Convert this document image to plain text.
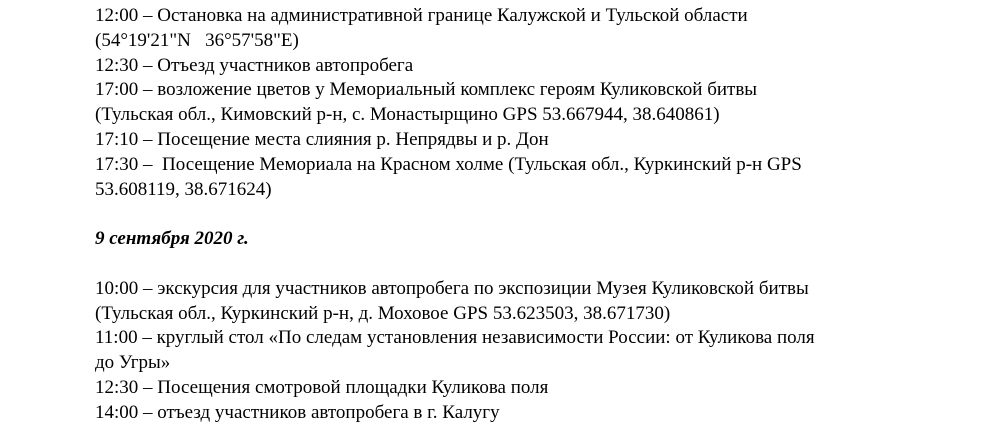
12:00 – Остановка на административной границе Калужской и Тульской области

(54°19'21"N   36°57'58"E)

12:30 – Отъезд участников автопробега

17:00 – возложение цветов у Мемориальный комплекс героям Куликовской битвы

(Тульская обл., Кимовский р-н, с. Монастырщино GPS 53.667944, 38.640861)

17:10 – Посещение места слияния р. Непрядвы и р. Дон

17:30 –  Посещение Мемориала на Красном холме (Тульская обл., Куркинский р-н GPS

53.608119, 38.671624)

9 сентября 2020 г.

10:00 – экскурсия для участников автопробега по экспозиции Музея Куликовской битвы

(Тульская обл., Куркинский р-н, д. Моховое GPS 53.623503, 38.671730)

11:00 – круглый стол «По следам установления независимости России: от Куликова поля

до Угры»

12:30 – Посещения смотровой площадки Куликова поля

14:00 – отъезд участников автопробега в г. Калугу
